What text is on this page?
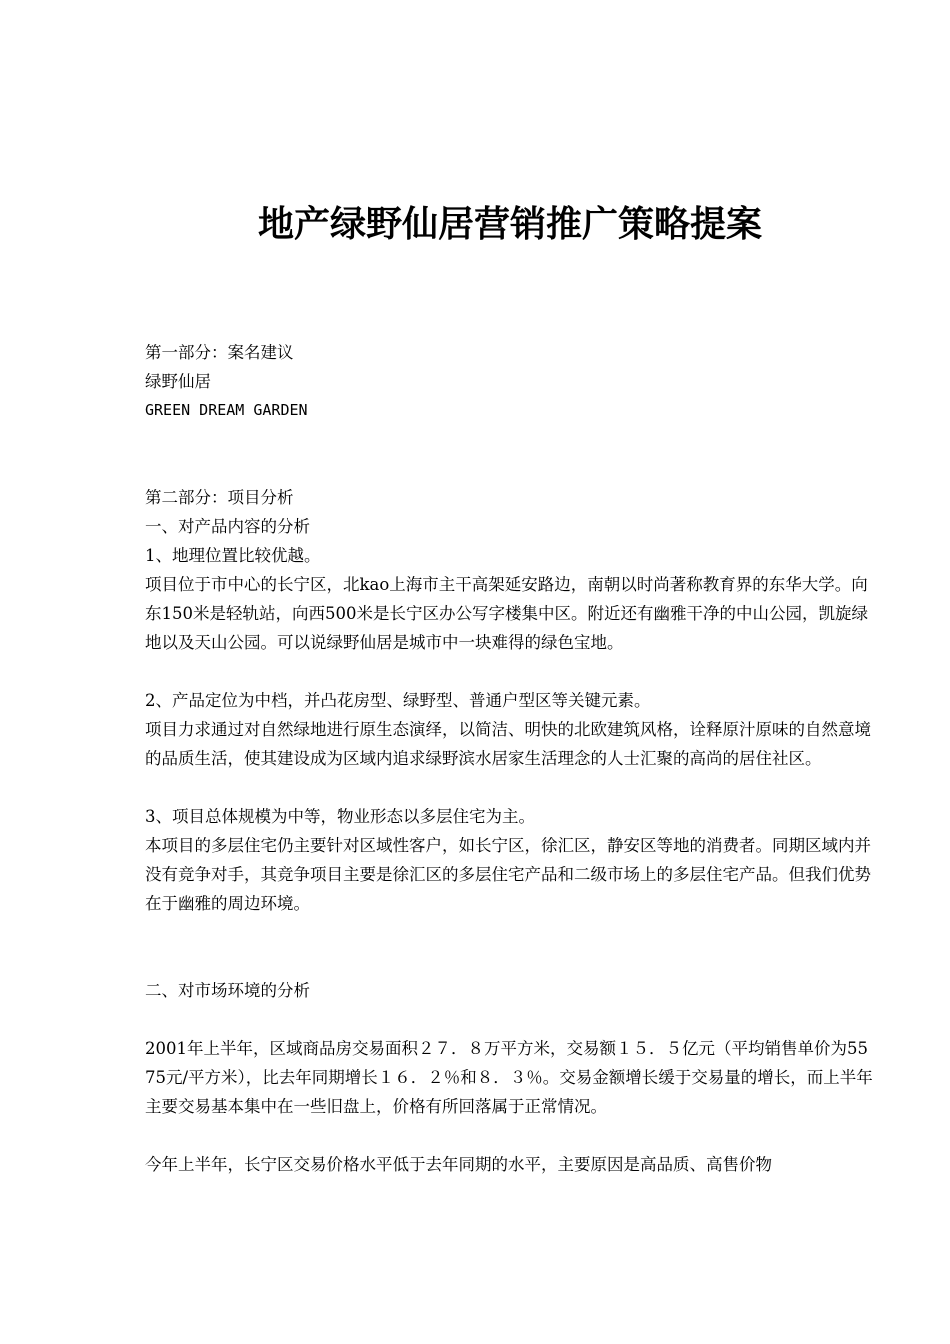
地产绿野仙居营销推广策略提案
第一部分：案名建议
绿野仙居
GREEN DREAM GARDEN
第二部分：项目分析
一、对产品内容的分析
1、地理位置比较优越。
项目位于市中心的长宁区，北kao上海市主干高架延安路边，南朝以时尚著称教育界的东华大学。向东150米是轻轨站，向西500米是长宁区办公写字楼集中区。附近还有幽雅干净的中山公园，凯旋绿地以及天山公园。可以说绿野仙居是城市中一块难得的绿色宝地。
2、产品定位为中档，并凸花房型、绿野型、普通户型区等关键元素。
项目力求通过对自然绿地进行原生态演绎，以简洁、明快的北欧建筑风格，诠释原汁原味的自然意境的品质生活，使其建设成为区域内追求绿野滨水居家生活理念的人士汇聚的高尚的居住社区。
3、项目总体规模为中等，物业形态以多层住宅为主。
本项目的多层住宅仍主要针对区域性客户，如长宁区，徐汇区，静安区等地的消费者。同期区域内并没有竞争对手，其竞争项目主要是徐汇区的多层住宅产品和二级市场上的多层住宅产品。但我们优势在于幽雅的周边环境。
二、对市场环境的分析
2001年上半年，区域商品房交易面积２７．８万平方米，交易额１５．５亿元（平均销售单价为5575元/平方米），比去年同期增长１６．２％和８．３％。交易金额增长缓于交易量的增长，而上半年主要交易基本集中在一些旧盘上，价格有所回落属于正常情况。
今年上半年，长宁区交易价格水平低于去年同期的水平，主要原因是高品质、高售价物
